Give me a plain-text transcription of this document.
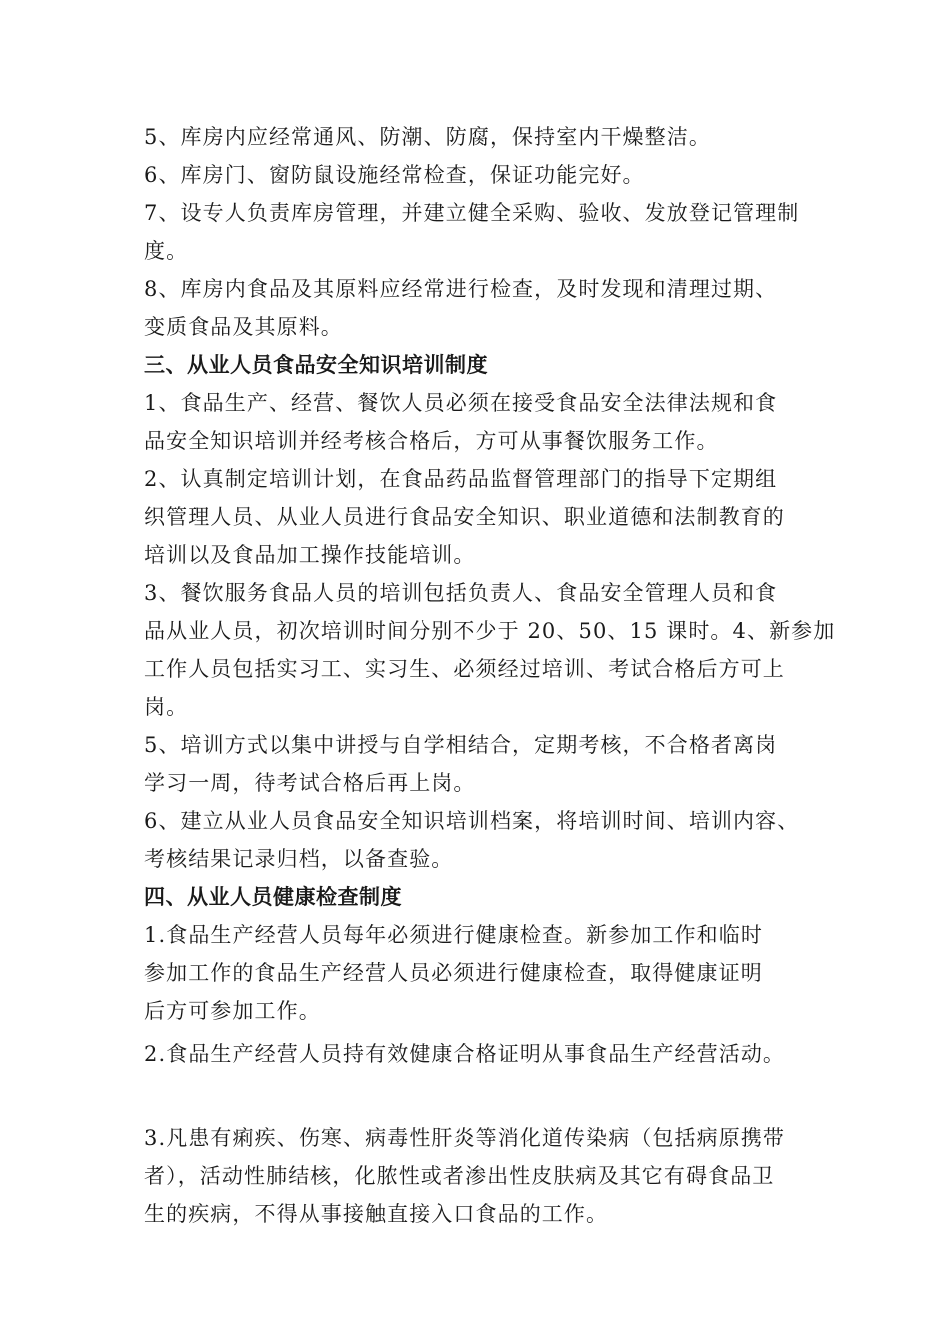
5、库房内应经常通风、防潮、防腐，保持室内干燥整洁。
6、库房门、窗防鼠设施经常检查，保证功能完好。
7、设专人负责库房管理，并建立健全采购、验收、发放登记管理制
度。
8、库房内食品及其原料应经常进行检查，及时发现和清理过期、
变质食品及其原料。
三、从业人员食品安全知识培训制度
1、食品生产、经营、餐饮人员必须在接受食品安全法律法规和食
品安全知识培训并经考核合格后，方可从事餐饮服务工作。
2、认真制定培训计划，在食品药品监督管理部门的指导下定期组
织管理人员、从业人员进行食品安全知识、职业道德和法制教育的
培训以及食品加工操作技能培训。
3、餐饮服务食品人员的培训包括负责人、食品安全管理人员和食
品从业人员，初次培训时间分别不少于 20、50、15 课时。4、新参加
工作人员包括实习工、实习生、必须经过培训、考试合格后方可上
岗。
5、培训方式以集中讲授与自学相结合，定期考核，不合格者离岗
学习一周，待考试合格后再上岗。
6、建立从业人员食品安全知识培训档案，将培训时间、培训内容、
考核结果记录归档，以备查验。
四、从业人员健康检查制度
1.食品生产经营人员每年必须进行健康检查。新参加工作和临时
参加工作的食品生产经营人员必须进行健康检查，取得健康证明
后方可参加工作。
2.食品生产经营人员持有效健康合格证明从事食品生产经营活动。
3.凡患有痢疾、伤寒、病毒性肝炎等消化道传染病（包括病原携带
者），活动性肺结核，化脓性或者渗出性皮肤病及其它有碍食品卫
生的疾病，不得从事接触直接入口食品的工作。
